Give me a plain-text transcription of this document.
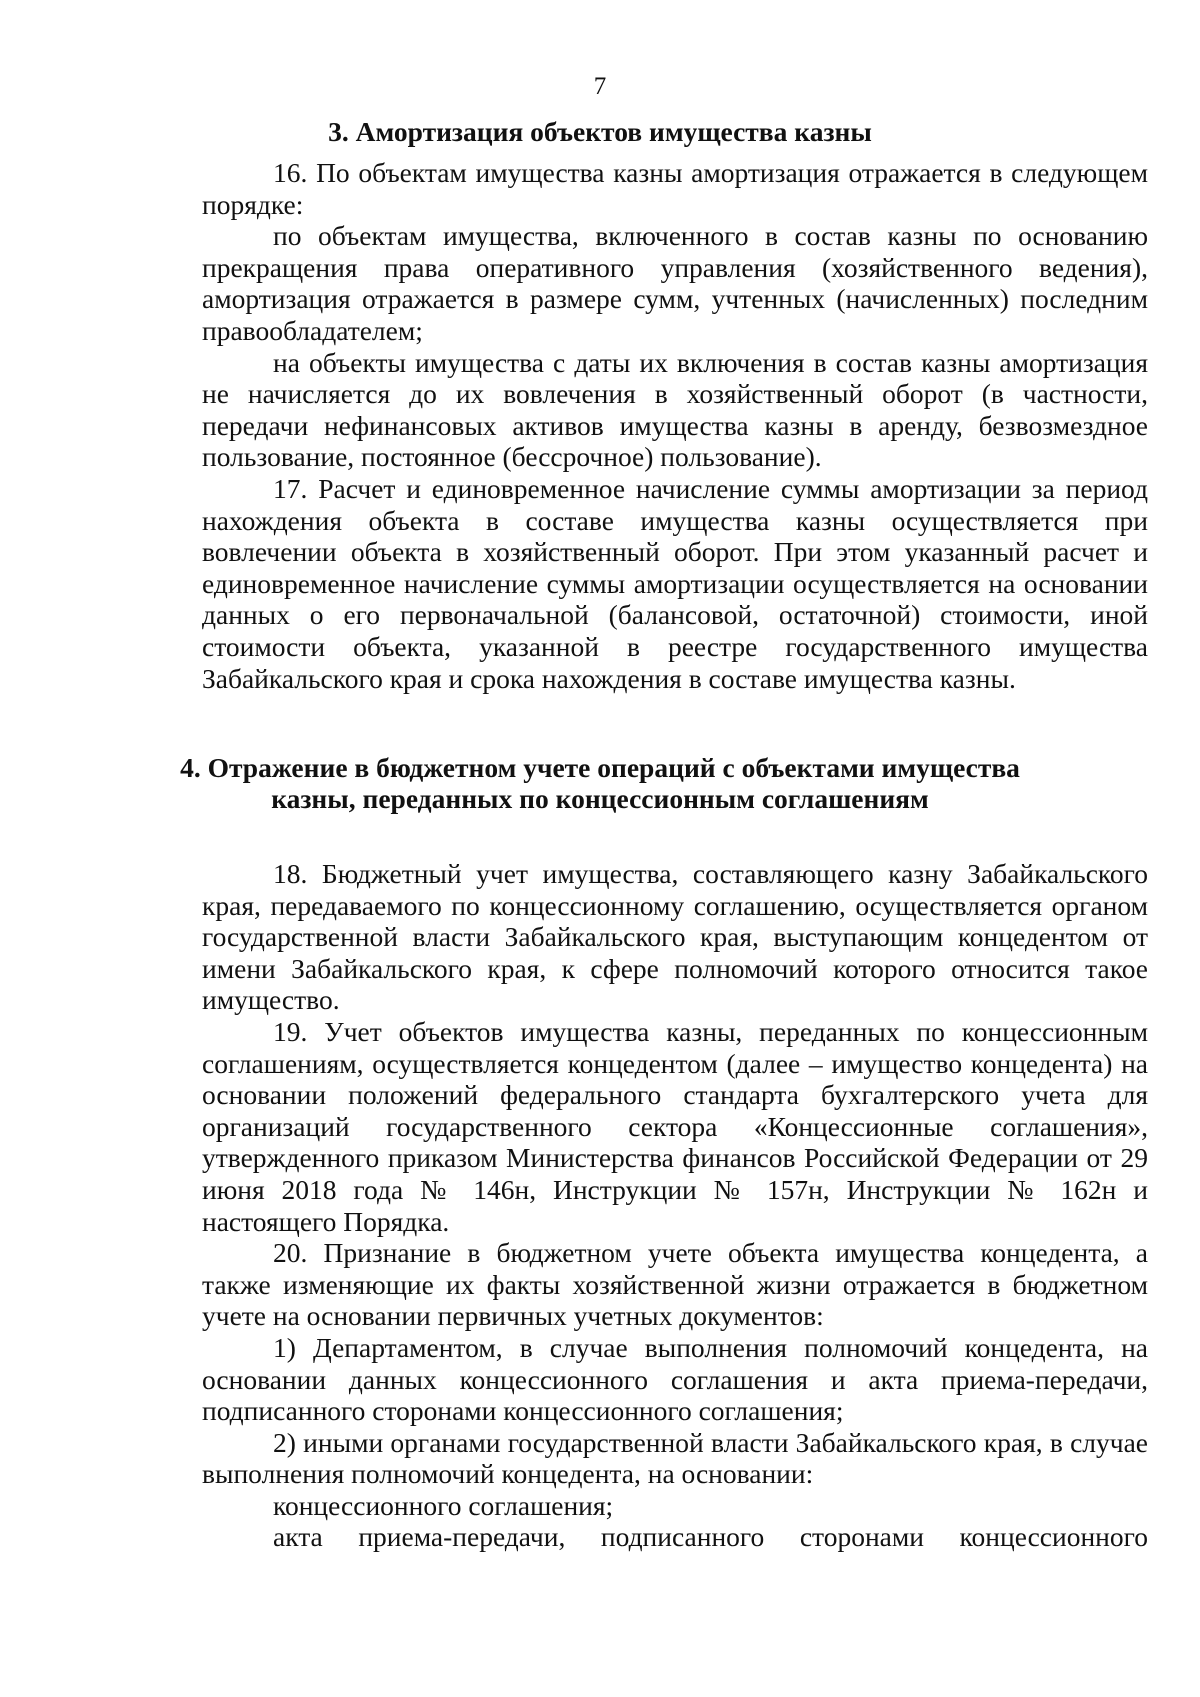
7
3. Амортизация объектов имущества казны

16. По объектам имущества казны амортизация отражается в следующем порядке:

по объектам имущества, включенного в состав казны по основанию прекращения права оперативного управления (хозяйственного ведения), амортизация отражается в размере сумм, учтенных (начисленных) последним правообладателем;

на объекты имущества с даты их включения в состав казны амортизация не начисляется до их вовлечения в хозяйственный оборот (в частности, передачи нефинансовых активов имущества казны в аренду, безвозмездное пользование, постоянное (бессрочное) пользование).

17. Расчет и единовременное начисление суммы амортизации за период нахождения объекта в составе имущества казны осуществляется при вовлечении объекта в хозяйственный оборот. При этом указанный расчет и единовременное начисление суммы амортизации осуществляется на основании данных о его первоначальной (балансовой, остаточной) стоимости, иной стоимости объекта, указанной в реестре государственного имущества Забайкальского края и срока нахождения в составе имущества казны.

4. Отражение в бюджетном учете операций с объектами имущества
казны, переданных по концессионным соглашениям

18. Бюджетный учет имущества, составляющего казну Забайкальского края, передаваемого по концессионному соглашению, осуществляется органом государственной власти Забайкальского края, выступающим концедентом от имени Забайкальского края, к сфере полномочий которого относится такое имущество.

19. Учет объектов имущества казны, переданных по концессионным соглашениям, осуществляется концедентом (далее – имущество концедента) на основании положений федерального стандарта бухгалтерского учета для организаций государственного сектора «Концессионные соглашения», утвержденного приказом Министерства финансов Российской Федерации от 29 июня 2018 года № 146н, Инструкции № 157н, Инструкции № 162н и настоящего Порядка.

20. Признание в бюджетном учете объекта имущества концедента, а также изменяющие их факты хозяйственной жизни отражается в бюджетном учете на основании первичных учетных документов:

1) Департаментом, в случае выполнения полномочий концедента, на основании данных концессионного соглашения и акта приема-передачи, подписанного сторонами концессионного соглашения;

2) иными органами государственной власти Забайкальского края, в случае выполнения полномочий концедента, на основании:

концессионного соглашения;

акта приема-передачи, подписанного сторонами концессионного
